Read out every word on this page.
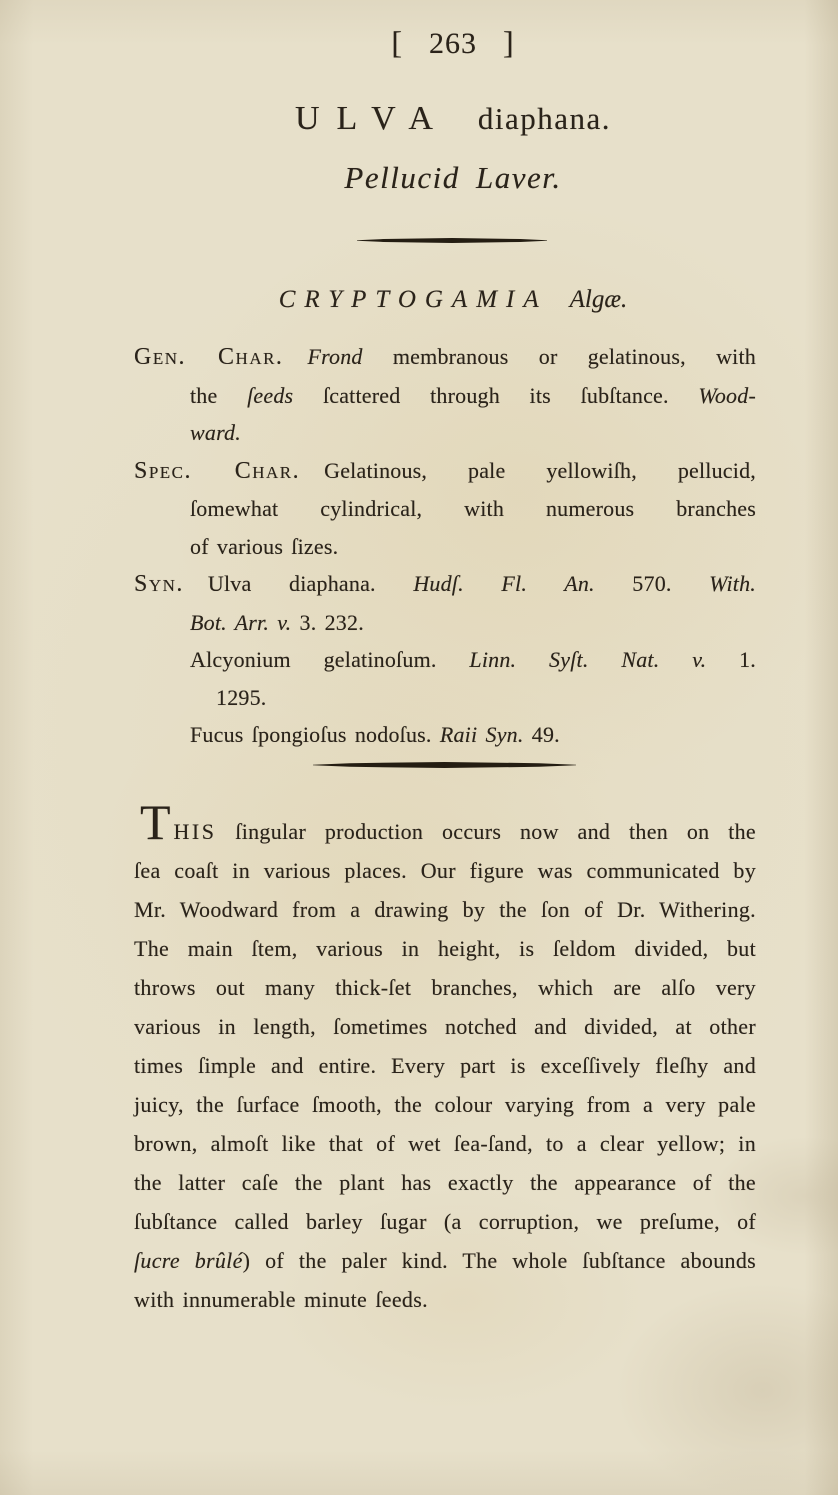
[ 263 ]
ULVA diaphana.
Pellucid Laver.
CRYPTOGAMIA Algæ.
Gen. Char. Frond membranous or gelatinous, with
the ſeeds ſcattered through its ſubſtance. Wood-
ward.
Spec. Char. Gelatinous, pale yellowiſh, pellucid,
ſomewhat cylindrical, with numerous branches
of various ſizes.
Syn. Ulva diaphana. Hudſ. Fl. An. 570. With.
Bot. Arr. v. 3. 232.
Alcyonium gelatinoſum. Linn. Syſt. Nat. v. 1.
1295.
Fucus ſpongioſus nodoſus. Raii Syn. 49.
THIS ſingular production occurs now and then on the
ſea coaſt in various places. Our figure was communicated by
Mr. Woodward from a drawing by the ſon of Dr. Withering.
The main ſtem, various in height, is ſeldom divided, but
throws out many thick-ſet branches, which are alſo very
various in length, ſometimes notched and divided, at other
times ſimple and entire. Every part is exceſſively fleſhy and
juicy, the ſurface ſmooth, the colour varying from a very pale
brown, almoſt like that of wet ſea-ſand, to a clear yellow; in
the latter caſe the plant has exactly the appearance of the
ſubſtance called barley ſugar (a corruption, we preſume, of
ſucre brûlé) of the paler kind. The whole ſubſtance abounds
with innumerable minute ſeeds.
